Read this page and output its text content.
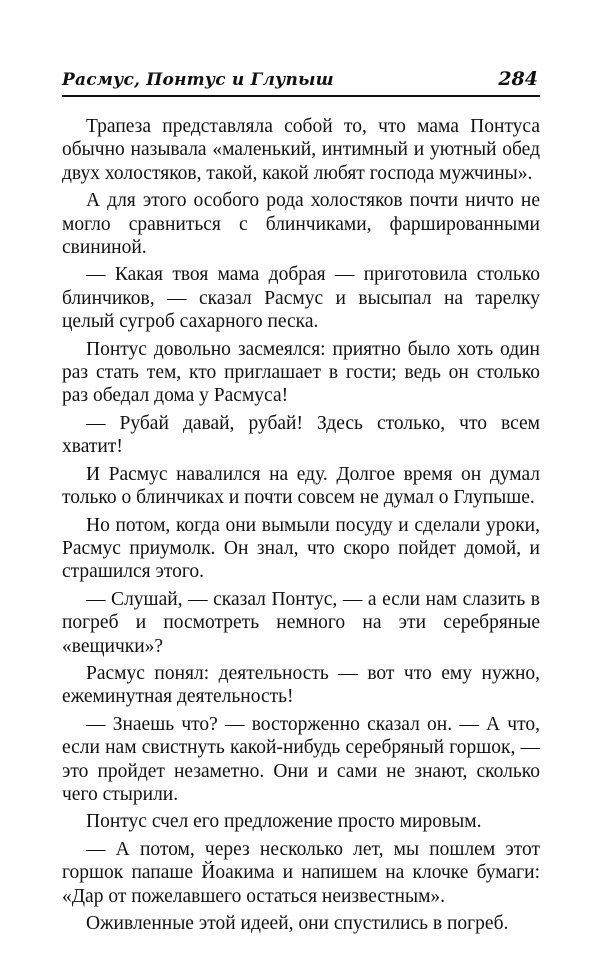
Расмус, Понтус и Глупыш	284

Трапеза представляла собой то, что мама Понтуса обычно называла «маленький, интимный и уютный обед двух холостяков, такой, какой любят господа мужчины».

А для этого особого рода холостяков почти ничто не могло сравниться с блинчиками, фаршированными свининой.

— Какая твоя мама добрая — приготовила столько блинчиков, — сказал Расмус и высыпал на тарелку целый сугроб сахарного песка.

Понтус довольно засмеялся: приятно было хоть один раз стать тем, кто приглашает в гости; ведь он столько раз обедал дома у Расмуса!

— Рубай давай, рубай! Здесь столько, что всем хватит!

И Расмус навалился на еду. Долгое время он думал только о блинчиках и почти совсем не думал о Глупыше.

Но потом, когда они вымыли посуду и сделали уроки, Расмус приумолк. Он знал, что скоро пойдет домой, и страшился этого.

— Слушай, — сказал Понтус, — а если нам слазить в погреб и посмотреть немного на эти серебряные «вещички»?

Расмус понял: деятельность — вот что ему нужно, ежеминутная деятельность!

— Знаешь что? — восторженно сказал он. — А что, если нам свистнуть какой-нибудь серебряный горшок, — это пройдет незаметно. Они и сами не знают, сколько чего стырили.

Понтус счел его предложение просто мировым.

— А потом, через несколько лет, мы пошлем этот горшок папаше Йоакима и напишем на клочке бумаги: «Дар от пожелавшего остаться неизвестным».

Оживленные этой идеей, они спустились в погреб.
